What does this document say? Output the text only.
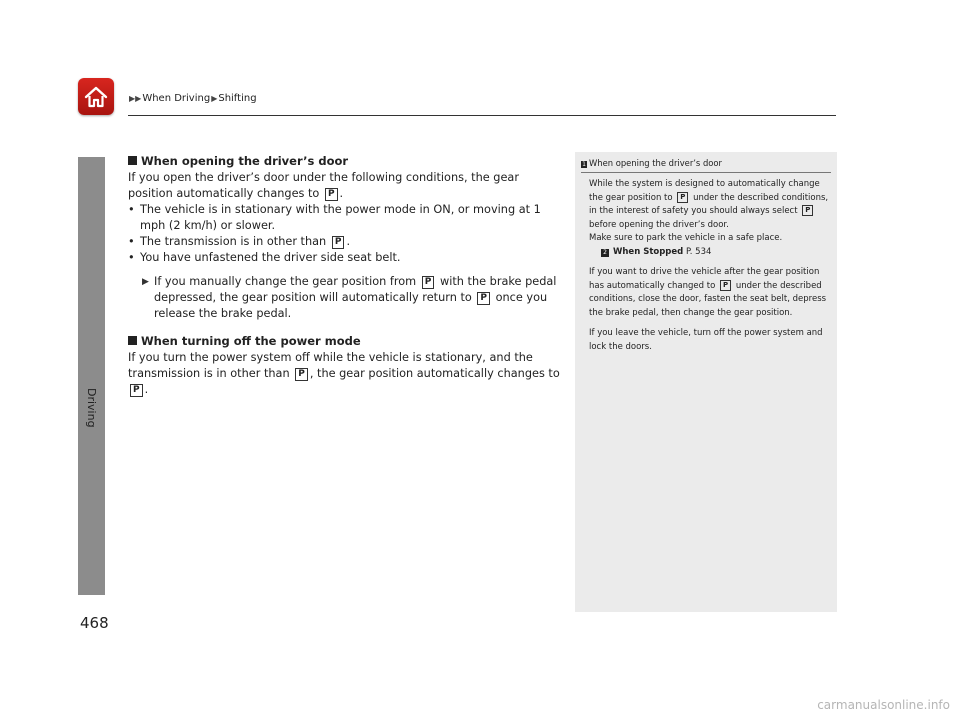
▶▶When Driving▶Shifting
Driving
When opening the driver’s door

If you open the driver’s door under the following conditions, the gear position automatically changes to P .

• The vehicle is in stationary with the power mode in ON, or moving at 1 mph (2 km/h) or slower.
• The transmission is in other than P .
• You have unfastened the driver side seat belt.
▶ If you manually change the gear position from P with the brake pedal depressed, the gear position will automatically return to P once you release the brake pedal.
When turning off the power mode

If you turn the power system off while the vehicle is stationary, and the transmission is in other than P , the gear position automatically changes to P .

1 When opening the driver’s door

While the system is designed to automatically change the gear position to P under the described conditions, in the interest of safety you should always select P before opening the driver’s door.

Make sure to park the vehicle in a safe place.

2 When Stopped P. 534

If you want to drive the vehicle after the gear position has automatically changed to P under the described conditions, close the door, fasten the seat belt, depress the brake pedal, then change the gear position.

If you leave the vehicle, turn off the power system and lock the doors.

468
carmanualsonline.info
